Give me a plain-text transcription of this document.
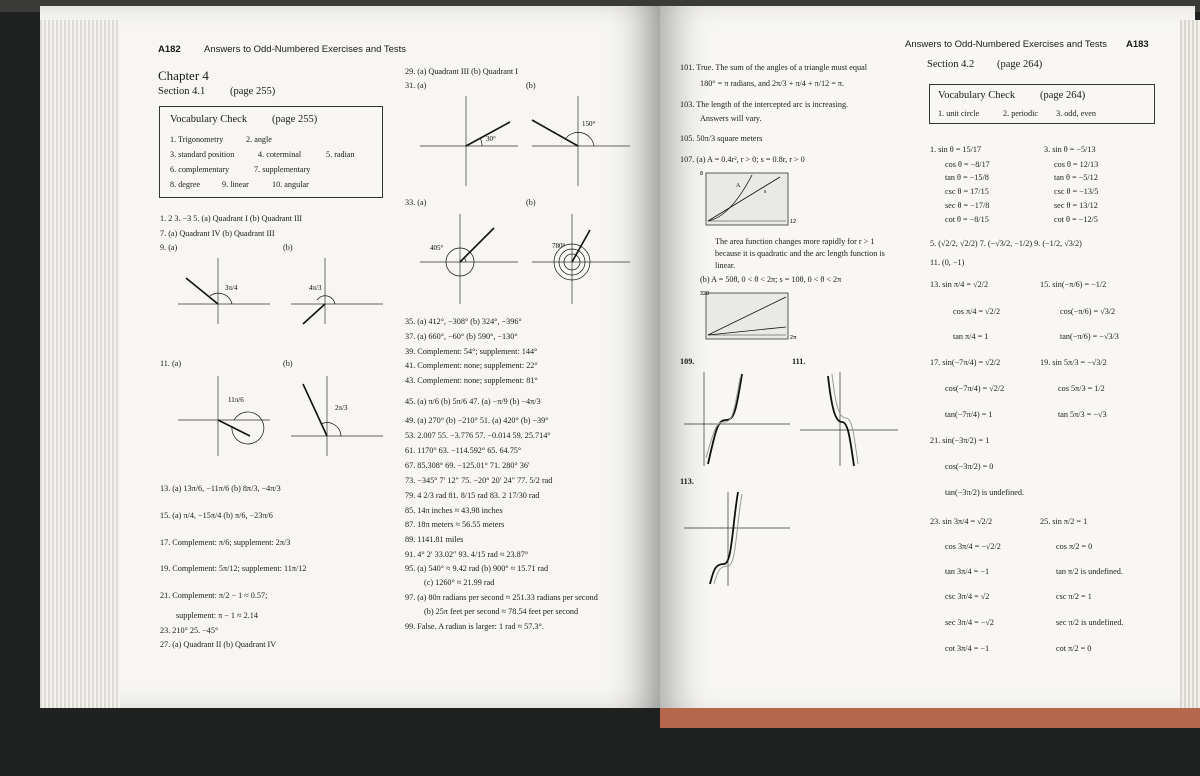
A182 Answers to Odd-Numbered Exercises and Tests
Chapter 4
Section 4.1 (page 255)
Vocabulary Check (page 255)
1. Trigonometry	2. angle
3. standard position	4. coterminal	5. radian
6. complementary	7. supplementary
8. degree	9. linear	10. angular
1. 2 3. −3 5. (a) Quadrant I (b) Quadrant III
7. (a) Quadrant IV (b) Quadrant III
9. (a)	(b)
3π/4	4π/3
11. (a)	(b)
11π/6
2π/3
13. (a) 13π/6, −11π/6 (b) 8π/3, −4π/3
15. (a) π/4, −15π/4 (b) π/6, −23π/6
17. Complement: π/6; supplement: 2π/3
19. Complement: 5π/12; supplement: 11π/12
21. Complement: π/2 − 1 ≈ 0.57;
supplement: π − 1 ≈ 2.14
23. 210° 25. −45°
27. (a) Quadrant II (b) Quadrant IV
29. (a) Quadrant III (b) Quadrant I
31. (a)	(b)
30°
150°
33. (a)	(b)
405°	780°
35. (a) 412°, −308° (b) 324°, −396°
37. (a) 660°, −60° (b) 590°, −130°
39. Complement: 54°; supplement: 144°
41. Complement: none; supplement: 22°
43. Complement: none; supplement: 81°
45. (a) π/6 (b) 5π/6 47. (a) −π/9 (b) −4π/3
49. (a) 270° (b) −210° 51. (a) 420° (b) −39°
53. 2.007 55. −3.776 57. −0.014 59. 25.714°
61. 1170° 63. −114.592° 65. 64.75°
67. 85.308° 69. −125.01° 71. 280° 36′
73. −345° 7′ 12″ 75. −20° 20′ 24″ 77. 5/2 rad
79. 4 2/3 rad 81. 8/15 rad 83. 2 17/30 rad
85. 14π inches ≈ 43.98 inches
87. 18π meters ≈ 56.55 meters
89. 1141.81 miles
91. 4° 2′ 33.02″ 93. 4/15 rad ≈ 23.87°
95. (a) 540° ≈ 9.42 rad (b) 900° ≈ 15.71 rad
(c) 1260° ≈ 21.99 rad
97. (a) 80π radians per second ≈ 251.33 radians per second
(b) 25π feet per second ≈ 78.54 feet per second
99. False. A radian is larger: 1 rad ≈ 57.3°.
Answers to Odd-Numbered Exercises and Tests A183
101. True. The sum of the angles of a triangle must equal
180° = π radians, and 2π/3 + π/4 + π/12 = π.
103. The length of the intercepted arc is increasing.
Answers will vary.
105. 50π/3 square meters
107. (a) A = 0.4r², r > 0; s = 0.8r, r > 0
8
12
A
s
The area function changes more rapidly for r > 1
because it is quadratic and the arc length function is
linear.
(b) A = 50θ, 0 < θ < 2π; s = 10θ, 0 < θ < 2π
320
2π
109.	111.
113.
Section 4.2 (page 264)
Vocabulary Check (page 264)
1. unit circle	2. periodic 3. odd, even
1. sin θ = 15/17
cos θ = −8/17
tan θ = −15/8
csc θ = 17/15
sec θ = −17/8
cot θ = −8/15
5. (√2/2, √2/2) 7. (−√3/2, −1/2) 9. (−1/2, √3/2)
11. (0, −1)
13. sin π/4 = √2/2
cos π/4 = √2/2
tan π/4 = 1
17. sin(−7π/4) = √2/2
cos(−7π/4) = √2/2
tan(−7π/4) = 1
21. sin(−3π/2) = 1
cos(−3π/2) = 0
tan(−3π/2) is undefined.
23. sin 3π/4 = √2/2
cos 3π/4 = −√2/2
tan 3π/4 = −1
csc 3π/4 = √2
sec 3π/4 = −√2
cot 3π/4 = −1
3. sin θ = −5/13
cos θ = 12/13
tan θ = −5/12
csc θ = −13/5
sec θ = 13/12
cot θ = −12/5
15. sin(−π/6) = −1/2
cos(−π/6) = √3/2
tan(−π/6) = −√3/3
19. sin 5π/3 = −√3/2
cos 5π/3 = 1/2
tan 5π/3 = −√3
25. sin π/2 = 1
cos π/2 = 0
tan π/2 is undefined.
csc π/2 = 1
sec π/2 is undefined.
cot π/2 = 0
